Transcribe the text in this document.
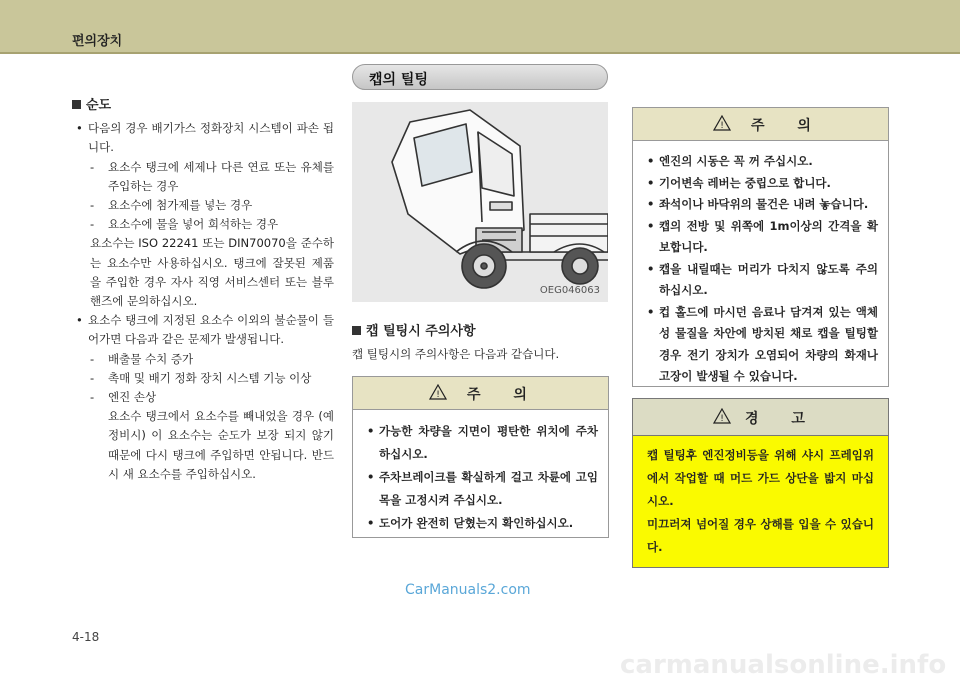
편의장치
순도
• 다음의 경우 배기가스 정화장치 시스템이 파손 됩니다.
- 요소수 탱크에 세제나 다른 연료 또는 유체를 주입하는 경우
- 요소수에 첨가제를 넣는 경우
- 요소수에 물을 넣어 희석하는 경우
요소수는 ISO 22241 또는 DIN70070을 준수하는 요소수만 사용하십시오. 탱크에 잘못된 제품을 주입한 경우 자사 직영 서비스센터 또는 블루핸즈에 문의하십시오.
• 요소수 탱크에 지정된 요소수 이외의 불순물이 들어가면 다음과 같은 문제가 발생됩니다.
- 배출물 수치 증가
- 촉매 및 배기 정화 장치 시스템 기능 이상
- 엔진 손상
요소수 탱크에서 요소수를 빼내었을 경우 (예 정비시) 이 요소수는 순도가 보장 되지 않기 때문에 다시 탱크에 주입하면 안됩니다. 반드시 새 요소수를 주입하십시오.
캡의 틸팅
OEG046063
캡 틸팅시 주의사항
캡 틸팅시의 주의사항은 다음과 같습니다.
! 주 의
• 가능한 차량을 지면이 평탄한 위치에 주차하십시오.
• 주차브레이크를 확실하게 걸고 차륜에 고임목을 고정시켜 주십시오.
• 도어가 완전히 닫혔는지 확인하십시오.
! 주 의
• 엔진의 시동은 꼭 꺼 주십시오.
• 기어변속 레버는 중립으로 합니다.
• 좌석이나 바닥위의 물건은 내려 놓습니다.
• 캡의 전방 및 위쪽에 1m이상의 간격을 확보합니다.
• 캡을 내릴때는 머리가 다치지 않도록 주의하십시오.
• 컵 홀드에 마시던 음료나 담겨져 있는 액체성 물질을 차안에 방치된 채로 캡을 틸팅할 경우 전기 장치가 오염되어 차량의 화재나 고장이 발생될 수 있습니다.
! 경 고
캡 틸팅후 엔진정비등을 위해 샤시 프레임위에서 작업할 때 머드 가드 상단을 밟지 마십시오.
미끄러져 넘어질 경우 상해를 입을 수 있습니다.
CarManuals2.com
4-18
carmanualsonline.info
